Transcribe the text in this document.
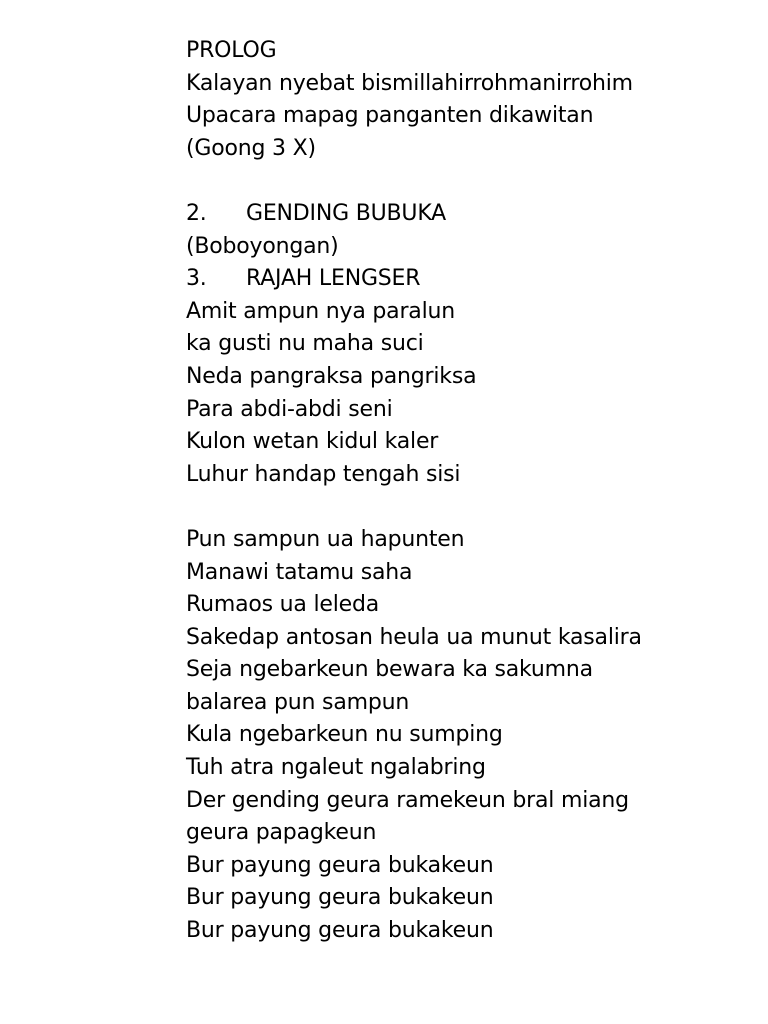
PROLOG
Kalayan nyebat bismillahirrohmanirrohim
Upacara mapag panganten dikawitan
(Goong 3 X)
2.	GENDING BUBUKA
(Boboyongan)
3.	RAJAH LENGSER
Amit ampun nya paralun
ka gusti nu maha suci
Neda pangraksa pangriksa
Para abdi-abdi seni
Kulon wetan kidul kaler
Luhur handap tengah sisi
Pun sampun ua hapunten
Manawi tatamu saha
Rumaos ua leleda
Sakedap antosan heula ua munut kasalira
Seja ngebarkeun bewara ka sakumna
balarea pun sampun
Kula ngebarkeun nu sumping
Tuh atra ngaleut ngalabring
Der gending geura ramekeun bral miang
geura papagkeun
Bur payung geura bukakeun
Bur payung geura bukakeun
Bur payung geura bukakeun
